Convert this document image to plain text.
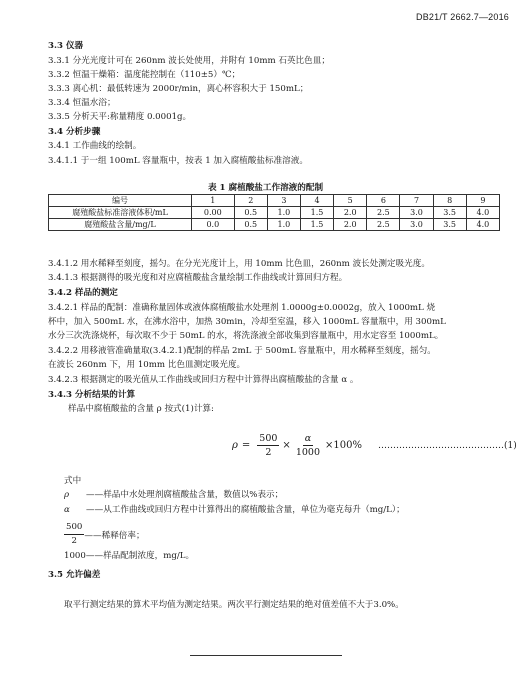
DB21/T 2662.7—2016
3.3 仪器
3.3.1 分光光度计可在 260nm 波长处使用，并附有 10mm 石英比色皿；
3.3.2 恒温干燥箱：温度能控制在（110±5）℃；
3.3.3 离心机：最低转速为 2000r/min，离心杯容积大于 150mL；
3.3.4 恒温水浴；
3.3.5 分析天平:称量精度 0.0001g。
3.4 分析步骤
3.4.1 工作曲线的绘制。
3.4.1.1 于一组 100mL 容量瓶中，按表 1 加入腐植酸盐标准溶液。
表 1 腐植酸盐工作溶液的配制
编号	1	2	3	4	5	6	7	8	9
腐殖酸盐标准溶液体积/mL	0.00	0.5	1.0	1.5	2.0	2.5	3.0	3.5	4.0
腐殖酸盐含量/mg/L	0.0	0.5	1.0	1.5	2.0	2.5	3.0	3.5	4.0
3.4.1.2 用水稀释至刻度，摇匀。在分光光度计上，用 10mm 比色皿，260nm 波长处测定吸光度。
3.4.1.3 根据测得的吸光度和对应腐植酸盐含量绘制工作曲线或计算回归方程。
3.4.2 样品的测定
3.4.2.1 样品的配制：准确称量固体或液体腐植酸盐水处理剂 1.0000g±0.0002g，放入 1000mL 烧
杯中，加入 500mL 水，在沸水浴中，加热 30min，冷却至室温，移入 1000mL 容量瓶中，用 300mL
水分三次洗涤烧杯，每次取不少于 50mL 的水，将洗涤液全部收集到容量瓶中，用水定容至 1000mL。
3.4.2.2 用移液管准确量取(3.4.2.1)配制的样品 2mL 于 500mL 容量瓶中，用水稀释至刻度，摇匀。
在波长 260nm 下，用 10mm 比色皿测定吸光度。
3.4.2.3 根据测定的吸光值从工作曲线或回归方程中计算得出腐植酸盐的含量 α 。
3.4.3 分析结果的计算
样品中腐植酸盐的含量 ρ 按式(1)计算:
$\rho = \frac{500}{2} \times \frac{\alpha}{1000} \times 100\%$ ……………………………………(1)
式中
ρ ——样品中水处理剂腐植酸盐含量，数值以%表示；
α ——从工作曲线或回归方程中计算得出的腐植酸盐含量，单位为毫克每升（mg/L）；
$\frac{500}{2}$ ——稀释倍率；
1000——样品配制浓度，mg/L。
3.5 允许偏差
取平行测定结果的算术平均值为测定结果。两次平行测定结果的绝对值差值不大于3.0%。
